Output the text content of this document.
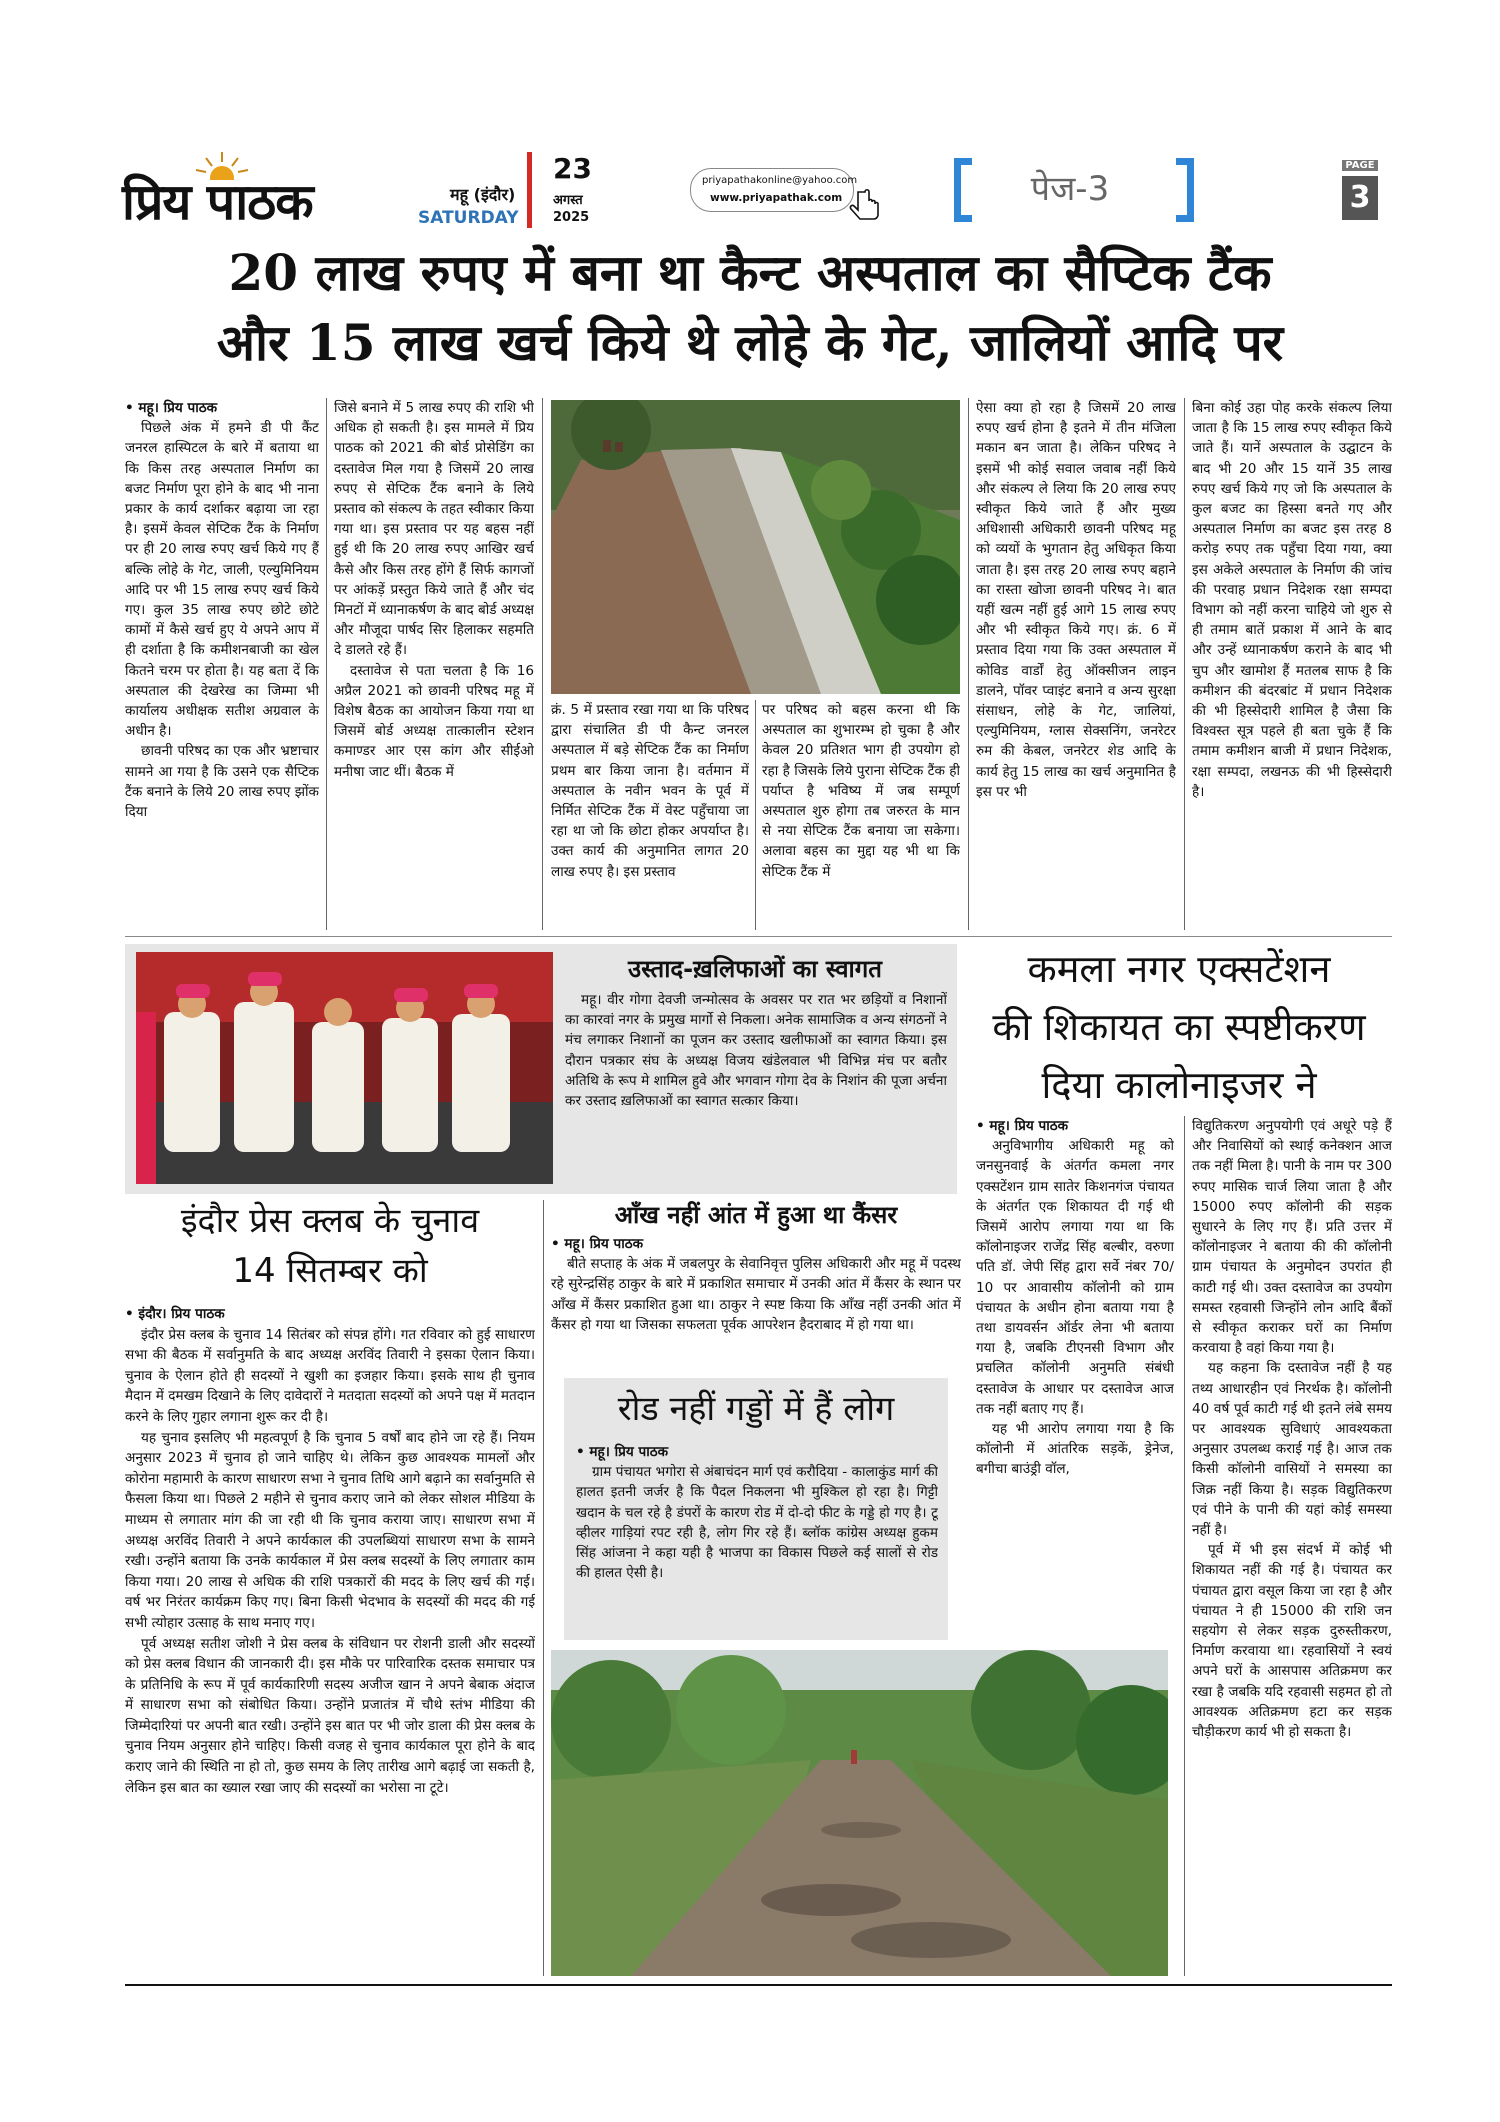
प्रिय पाठक	महू (इंदौर)
SATURDAY
23
अगस्त
2025
priyapathakonline@yahoo.com
www.priyapathak.com	पेज-3
PAGE
3
20 लाख रुपए में बना था कैन्ट अस्पताल का सैप्टिक टैंक
और 15 लाख खर्च किये थे लोहे के गेट, जालियों आदि पर

• महू। प्रिय पाठक

पिछले अंक में हमने डी पी कैंट जनरल हास्पिटल के बारे में बताया था कि किस तरह अस्पताल निर्माण का बजट निर्माण पूरा होने के बाद भी नाना प्रकार के कार्य दर्शाकर बढ़ाया जा रहा है। इसमें केवल सेप्टिक टैंक के निर्माण पर ही 20 लाख रुपए खर्च किये गए हैं बल्कि लोहे के गेट, जाली, एल्युमिनियम आदि पर भी 15 लाख रुपए खर्च किये गए। कुल 35 लाख रुपए छोटे छोटे कामों में कैसे खर्च हुए ये अपने आप में ही दर्शाता है कि कमीशनबाजी का खेल कितने चरम पर होता है। यह बता दें कि अस्पताल की देखरेख का जिम्मा भी कार्यालय अधीक्षक सतीश अग्रवाल के अधीन है।

छावनी परिषद का एक और भ्रष्टाचार सामने आ गया है कि उसने एक सैप्टिक टैंक बनाने के लिये 20 लाख रुपए झोंक दिया

जिसे बनाने में 5 लाख रुपए की राशि भी अधिक हो सकती है। इस मामले में प्रिय पाठक को 2021 की बोर्ड प्रोसेडिंग का दस्तावेज मिल गया है जिसमें 20 लाख रुपए से सेप्टिक टैंक बनाने के लिये प्रस्ताव को संकल्प के तहत स्वीकार किया गया था। इस प्रस्ताव पर यह बहस नहीं हुई थी कि 20 लाख रुपए आखिर खर्च कैसे और किस तरह होंगे हैं सिर्फ कागजों पर आंकड़ें प्रस्तुत किये जाते हैं और चंद मिनटों में ध्यानाकर्षण के बाद बोर्ड अध्यक्ष और मौजूदा पार्षद सिर हिलाकर सहमति दे डालते रहे हैं।

दस्तावेज से पता चलता है कि 16 अप्रैल 2021 को छावनी परिषद महू में विशेष बैठक का आयोजन किया गया था जिसमें बोर्ड अध्यक्ष तात्कालीन स्टेशन कमाण्डर आर एस कांग और सीईओ मनीषा जाट थीं। बैठक में

क्रं. 5 में प्रस्ताव रखा गया था कि परिषद द्वारा संचालित डी पी कैन्ट जनरल अस्पताल में बड़े सेप्टिक टैंक का निर्माण प्रथम बार किया जाना है। वर्तमान में अस्पताल के नवीन भवन के पूर्व में निर्मित सेप्टिक टैंक में वेस्ट पहुँचाया जा रहा था जो कि छोटा होकर अपर्याप्त है। उक्त कार्य की अनुमानित लागत 20 लाख रुपए है। इस प्रस्ताव

पर परिषद को बहस करना थी कि अस्पताल का शुभारम्भ हो चुका है और केवल 20 प्रतिशत भाग ही उपयोग हो रहा है जिसके लिये पुराना सेप्टिक टैंक ही पर्याप्त है भविष्य में जब सम्पूर्ण अस्पताल शुरु होगा तब जरुरत के मान से नया सेप्टिक टैंक बनाया जा सकेगा। अलावा बहस का मुद्दा यह भी था कि सेप्टिक टैंक में

ऐसा क्या हो रहा है जिसमें 20 लाख रुपए खर्च होना है इतने में तीन मंजिला मकान बन जाता है। लेकिन परिषद ने इसमें भी कोई सवाल जवाब नहीं किये और संकल्प ले लिया कि 20 लाख रुपए स्वीकृत किये जाते हैं और मुख्य अधिशासी अधिकारी छावनी परिषद महू को व्ययों के भुगतान हेतु अधिकृत किया जाता है। इस तरह 20 लाख रुपए बहाने का रास्ता खोजा छावनी परिषद ने। बात यहीं खत्म नहीं हुई आगे 15 लाख रुपए और भी स्वीकृत किये गए। क्रं. 6 में प्रस्ताव दिया गया कि उक्त अस्पताल में कोविड वार्डों हेतु ऑक्सीजन लाइन डालने, पॉवर प्वाइंट बनाने व अन्य सुरक्षा संसाधन, लोहे के गेट, जालियां, एल्युमिनियम, ग्लास सेक्सनिंग, जनरेटर रुम की केबल, जनरेटर शेड आदि के कार्य हेतु 15 लाख का खर्च अनुमानित है इस पर भी

बिना कोई उहा पोह करके संकल्प लिया जाता है कि 15 लाख रुपए स्वीकृत किये जाते हैं। यानें अस्पताल के उद्घाटन के बाद भी 20 और 15 यानें 35 लाख रुपए खर्च किये गए जो कि अस्पताल के कुल बजट का हिस्सा बनते गए और अस्पताल निर्माण का बजट इस तरह 8 करोड़ रुपए तक पहुँचा दिया गया, क्या इस अकेले अस्पताल के निर्माण की जांच की परवाह प्रधान निदेशक रक्षा सम्पदा विभाग को नहीं करना चाहिये जो शुरु से ही तमाम बातें प्रकाश में आने के बाद और उन्हें ध्यानाकर्षण कराने के बाद भी चुप और खामोश हैं मतलब साफ है कि कमीशन की बंदरबांट में प्रधान निदेशक की भी हिस्सेदारी शामिल है जैसा कि विश्वस्त सूत्र पहले ही बता चुके हैं कि तमाम कमीशन बाजी में प्रधान निदेशक, रक्षा सम्पदा, लखनऊ की भी हिस्सेदारी है।

उस्ताद-ख़लिफाओं का स्वागत

महू। वीर गोगा देवजी जन्मोत्सव के अवसर पर रात भर छड़ियों व निशानों का कारवां नगर के प्रमुख मार्गो से निकला। अनेक सामाजिक व अन्य संगठनों ने मंच लगाकर निशानों का पूजन कर उस्ताद खलीफाओं का स्वागत किया। इस दौरान पत्रकार संघ के अध्यक्ष विजय खंडेलवाल भी विभिन्न मंच पर बतौर अतिथि के रूप मे शामिल हुवे और भगवान गोगा देव के निशांन की पूजा अर्चना कर उस्ताद ख़लिफाओं का स्वागत सत्कार किया।

कमला नगर एक्सटेंशन
की शिकायत का स्पष्टीकरण
दिया कालोनाइजर ने

• महू। प्रिय पाठक

अनुविभागीय अधिकारी महू को जनसुनवाई के अंतर्गत कमला नगर एक्सटेंशन ग्राम सातेर किशनगंज पंचायत के अंतर्गत एक शिकायत दी गई थी जिसमें आरोप लगाया गया था कि कॉलोनाइजर राजेंद्र सिंह बल्बीर, वरुणा पति डॉ. जेपी सिंह द्वारा सर्वे नंबर 70/ 10 पर आवासीय कॉलोनी को ग्राम पंचायत के अधीन होना बताया गया है तथा डायवर्सन ऑर्डर लेना भी बताया गया है, जबकि टीएनसी विभाग और प्रचलित कॉलोनी अनुमति संबंधी दस्तावेज के आधार पर दस्तावेज आज तक नहीं बताए गए हैं।

यह भी आरोप लगाया गया है कि कॉलोनी में आंतरिक सड़कें, ड्रेनेज, बगीचा बाउंड्री वॉल,

विद्युतिकरण अनुपयोगी एवं अधूरे पड़े हैं और निवासियों को स्थाई कनेक्शन आज तक नहीं मिला है। पानी के नाम पर 300 रुपए मासिक चार्ज लिया जाता है और 15000 रुपए कॉलोनी की सड़क सुधारने के लिए गए हैं। प्रति उत्तर में कॉलोनाइजर ने बताया की की कॉलोनी ग्राम पंचायत के अनुमोदन उपरांत ही काटी गई थी। उक्त दस्तावेज का उपयोग समस्त रहवासी जिन्होंने लोन आदि बैंकों से स्वीकृत कराकर घरों का निर्माण करवाया है वहां किया गया है।

यह कहना कि दस्तावेज नहीं है यह तथ्य आधारहीन एवं निरर्थक है। कॉलोनी 40 वर्ष पूर्व काटी गई थी इतने लंबे समय पर आवश्यक सुविधाएं आवश्यकता अनुसार उपलब्ध कराई गई है। आज तक किसी कॉलोनी वासियों ने समस्या का जिक्र नहीं किया है। सड़क विद्युतिकरण एवं पीने के पानी की यहां कोई समस्या नहीं है।

पूर्व में भी इस संदर्भ में कोई भी शिकायत नहीं की गई है। पंचायत कर पंचायत द्वारा वसूल किया जा रहा है और पंचायत ने ही 15000 की राशि जन सहयोग से लेकर सड़क दुरुस्तीकरण, निर्माण करवाया था। रहवासियों ने स्वयं अपने घरों के आसपास अतिक्रमण कर रखा है जबकि यदि रहवासी सहमत हो तो आवश्यक अतिक्रमण हटा कर सड़क चौड़ीकरण कार्य भी हो सकता है।

इंदौर प्रेस क्लब के चुनाव
14 सितम्बर को

• इंदौर। प्रिय पाठक

इंदौर प्रेस क्लब के चुनाव 14 सितंबर को संपन्न होंगे। गत रविवार को हुई साधारण सभा की बैठक में सर्वानुमति के बाद अध्यक्ष अरविंद तिवारी ने इसका ऐलान किया। चुनाव के ऐलान होते ही सदस्यों ने खुशी का इजहार किया। इसके साथ ही चुनाव मैदान में दमखम दिखाने के लिए दावेदारों ने मतदाता सदस्यों को अपने पक्ष में मतदान करने के लिए गुहार लगाना शुरू कर दी है।

यह चुनाव इसलिए भी महत्वपूर्ण है कि चुनाव 5 वर्षों बाद होने जा रहे हैं। नियम अनुसार 2023 में चुनाव हो जाने चाहिए थे। लेकिन कुछ आवश्यक मामलों और कोरोना महामारी के कारण साधारण सभा ने चुनाव तिथि आगे बढ़ाने का सर्वानुमति से फैसला किया था। पिछले 2 महीने से चुनाव कराए जाने को लेकर सोशल मीडिया के माध्यम से लगातार मांग की जा रही थी कि चुनाव कराया जाए। साधारण सभा में अध्यक्ष अरविंद तिवारी ने अपने कार्यकाल की उपलब्धियां साधारण सभा के सामने रखी। उन्होंने बताया कि उनके कार्यकाल में प्रेस क्लब सदस्यों के लिए लगातार काम किया गया। 20 लाख से अधिक की राशि पत्रकारों की मदद के लिए खर्च की गई। वर्ष भर निरंतर कार्यक्रम किए गए। बिना किसी भेदभाव के सदस्यों की मदद की गई सभी त्योहार उत्साह के साथ मनाए गए।

पूर्व अध्यक्ष सतीश जोशी ने प्रेस क्लब के संविधान पर रोशनी डाली और सदस्यों को प्रेस क्लब विधान की जानकारी दी। इस मौके पर पारिवारिक दस्तक समाचार पत्र के प्रतिनिधि के रूप में पूर्व कार्यकारिणी सदस्य अजीज खान ने अपने बेबाक अंदाज में साधारण सभा को संबोधित किया। उन्होंने प्रजातंत्र में चौथे स्तंभ मीडिया की जिम्मेदारियां पर अपनी बात रखी। उन्होंने इस बात पर भी जोर डाला की प्रेस क्लब के चुनाव नियम अनुसार होने चाहिए। किसी वजह से चुनाव कार्यकाल पूरा होने के बाद कराए जाने की स्थिति ना हो तो, कुछ समय के लिए तारीख आगे बढ़ाई जा सकती है, लेकिन इस बात का ख्याल रखा जाए की सदस्यों का भरोसा ना टूटे।

आँख नहीं आंत में हुआ था कैंसर

• महू। प्रिय पाठक

बीते सप्ताह के अंक में जबलपुर के सेवानिवृत्त पुलिस अधिकारी और महू में पदस्थ रहे सुरेन्द्रसिंह ठाकुर के बारे में प्रकाशित समाचार में उनकी आंत में कैंसर के स्थान पर आँख में कैंसर प्रकाशित हुआ था। ठाकुर ने स्पष्ट किया कि आँख नहीं उनकी आंत में कैंसर हो गया था जिसका सफलता पूर्वक आपरेशन हैदराबाद में हो गया था।

रोड नहीं गड्डों में हैं लोग

• महू। प्रिय पाठक

ग्राम पंचायत भगोरा से अंबाचंदन मार्ग एवं करौदिया - कालाकुंड मार्ग की हालत इतनी जर्जर है कि पैदल निकलना भी मुश्किल हो रहा है। गिट्टी खदान के चल रहे है डंपरों के कारण रोड में दो-दो फीट के गड्डे हो गए है। टू व्हीलर गाड़ियां रपट रही है, लोग गिर रहे हैं। ब्लॉक कांग्रेस अध्यक्ष हुकम सिंह आंजना ने कहा यही है भाजपा का विकास पिछले कई सालों से रोड की हालत ऐसी है।
